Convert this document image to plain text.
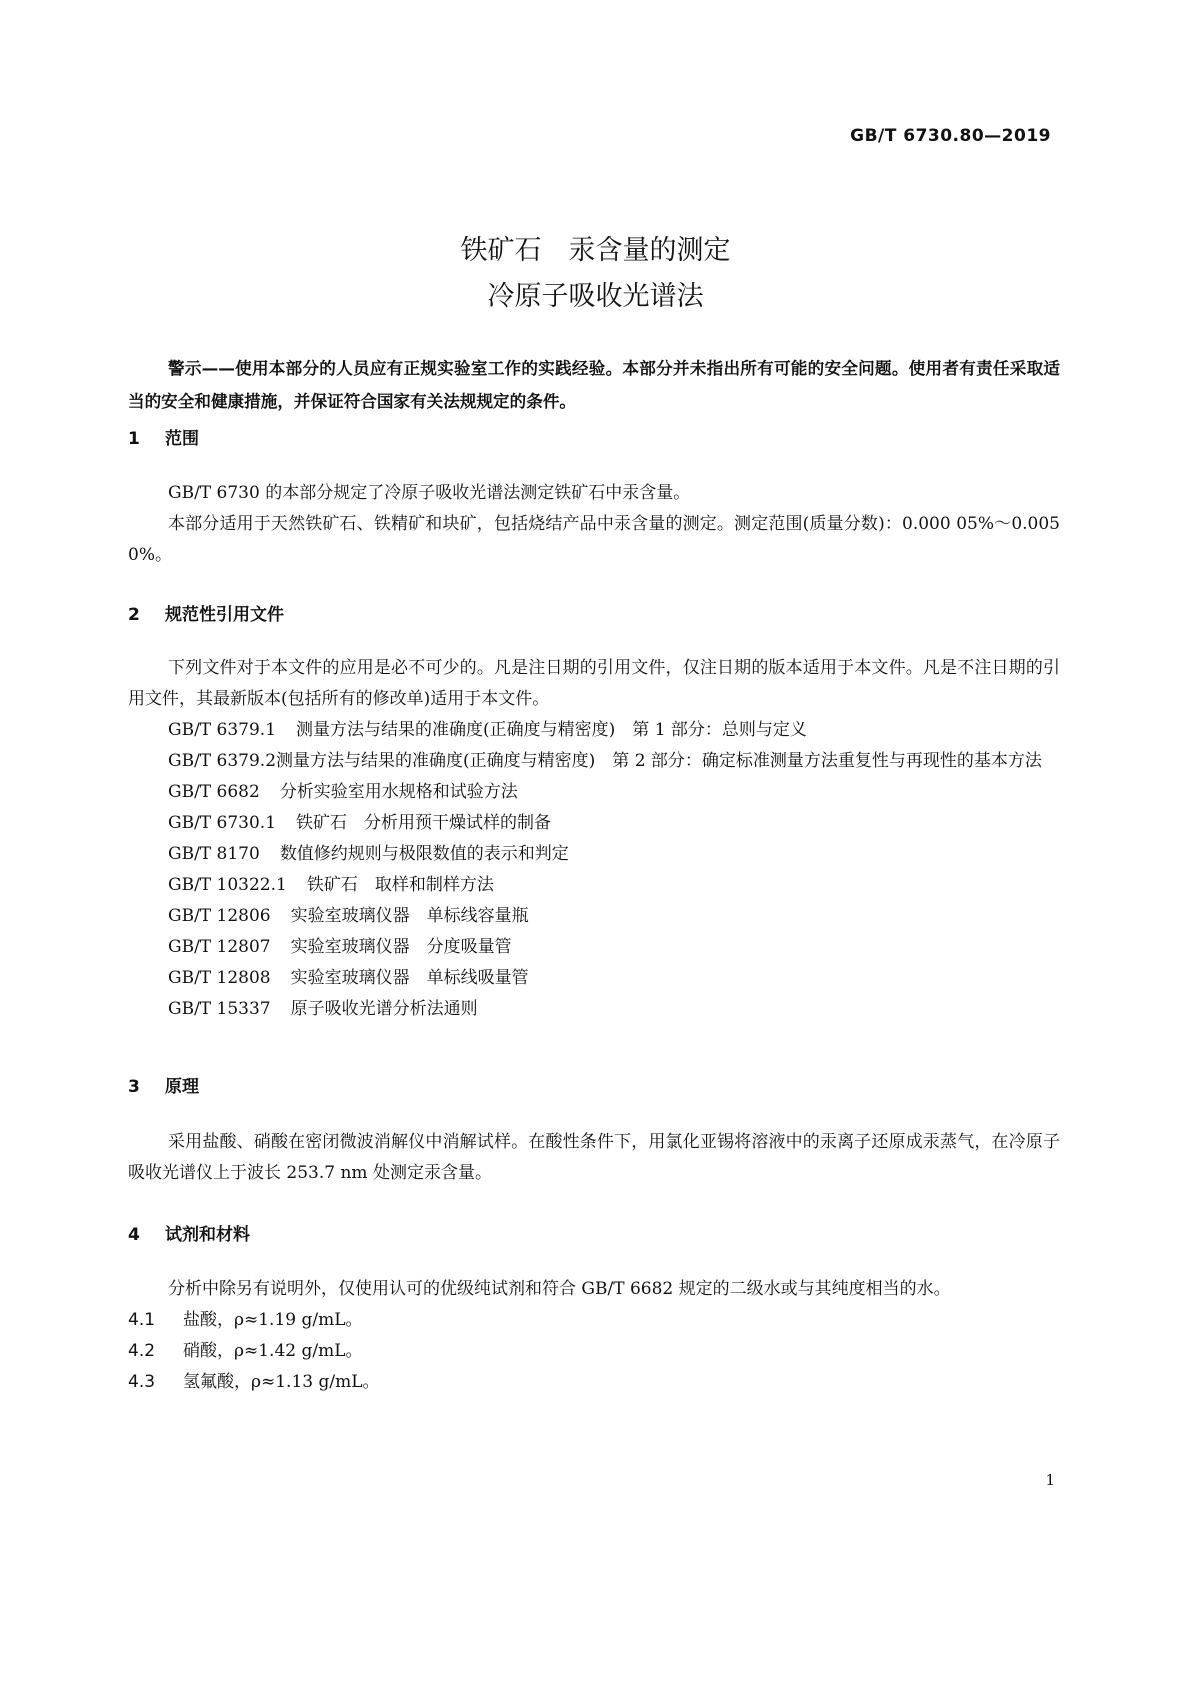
GB/T 6730.80—2019
铁矿石　汞含量的测定
冷原子吸收光谱法
警示——使用本部分的人员应有正规实验室工作的实践经验。本部分并未指出所有可能的安全问题。使用者有责任采取适当的安全和健康措施，并保证符合国家有关法规规定的条件。
1 范围

GB/T 6730 的本部分规定了冷原子吸收光谱法测定铁矿石中汞含量。

本部分适用于天然铁矿石、铁精矿和块矿，包括烧结产品中汞含量的测定。测定范围(质量分数)：0.000 05%～0.005 0%。

2 规范性引用文件

下列文件对于本文件的应用是必不可少的。凡是注日期的引用文件，仅注日期的版本适用于本文件。凡是不注日期的引用文件，其最新版本(包括所有的修改单)适用于本文件。

GB/T 6379.1 测量方法与结果的准确度(正确度与精密度)　第 1 部分：总则与定义

GB/T 6379.2测量方法与结果的准确度(正确度与精密度)　第 2 部分：确定标准测量方法重复性与再现性的基本方法

GB/T 6682 分析实验室用水规格和试验方法

GB/T 6730.1 铁矿石　分析用预干燥试样的制备

GB/T 8170 数值修约规则与极限数值的表示和判定

GB/T 10322.1 铁矿石　取样和制样方法

GB/T 12806 实验室玻璃仪器　单标线容量瓶

GB/T 12807 实验室玻璃仪器　分度吸量管

GB/T 12808 实验室玻璃仪器　单标线吸量管

GB/T 15337 原子吸收光谱分析法通则

3 原理

采用盐酸、硝酸在密闭微波消解仪中消解试样。在酸性条件下，用氯化亚锡将溶液中的汞离子还原成汞蒸气，在冷原子吸收光谱仪上于波长 253.7 nm 处测定汞含量。

4 试剂和材料

分析中除另有说明外，仅使用认可的优级纯试剂和符合 GB/T 6682 规定的二级水或与其纯度相当的水。

4.1 盐酸，ρ≈1.19 g/mL。

4.2 硝酸，ρ≈1.42 g/mL。

4.3 氢氟酸，ρ≈1.13 g/mL。

1
